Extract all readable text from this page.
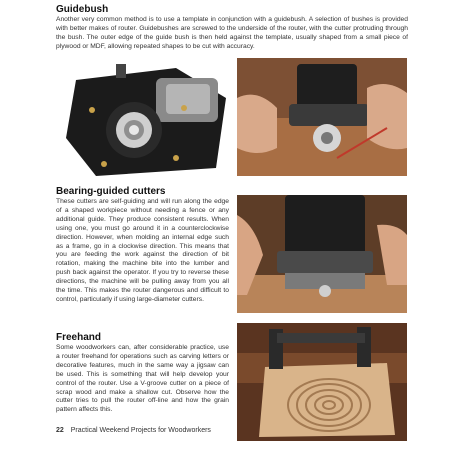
Guidebush
Another very common method is to use a template in conjunction with a guidebush. A selection of bushes is provided with better makes of router. Guidebushes are screwed to the underside of the router, with the cutter protruding through the bush. The outer edge of the guide bush is then held against the template, usually shaped from a small piece of plywood or MDF, allowing repeated shapes to be cut with accuracy.
Bearing-guided cutters
These cutters are self-guiding and will run along the edge of a shaped workpiece without needing a fence or any additional guide. They produce consistent results. When using one, you must go around it in a counterclockwise direction. However, when molding an internal edge such as a frame, go in a clockwise direction. This means that you are feeding the work against the direction of bit rotation, making the machine bite into the lumber and push back against the operator. If you try to reverse these directions, the machine will be pulling away from you all the time. This makes the router dangerous and difficult to control, particularly if using large-diameter cutters.
Freehand
Some woodworkers can, after considerable practice, use a router freehand for operations such as carving letters or decorative features, much in the same way a jigsaw can be used. This is something that will help develop your control of the router. Use a V-groove cutter on a piece of scrap wood and make a shallow cut. Observe how the cutter tries to pull the router off-line and how the grain pattern affects this.
22 Practical Weekend Projects for Woodworkers
